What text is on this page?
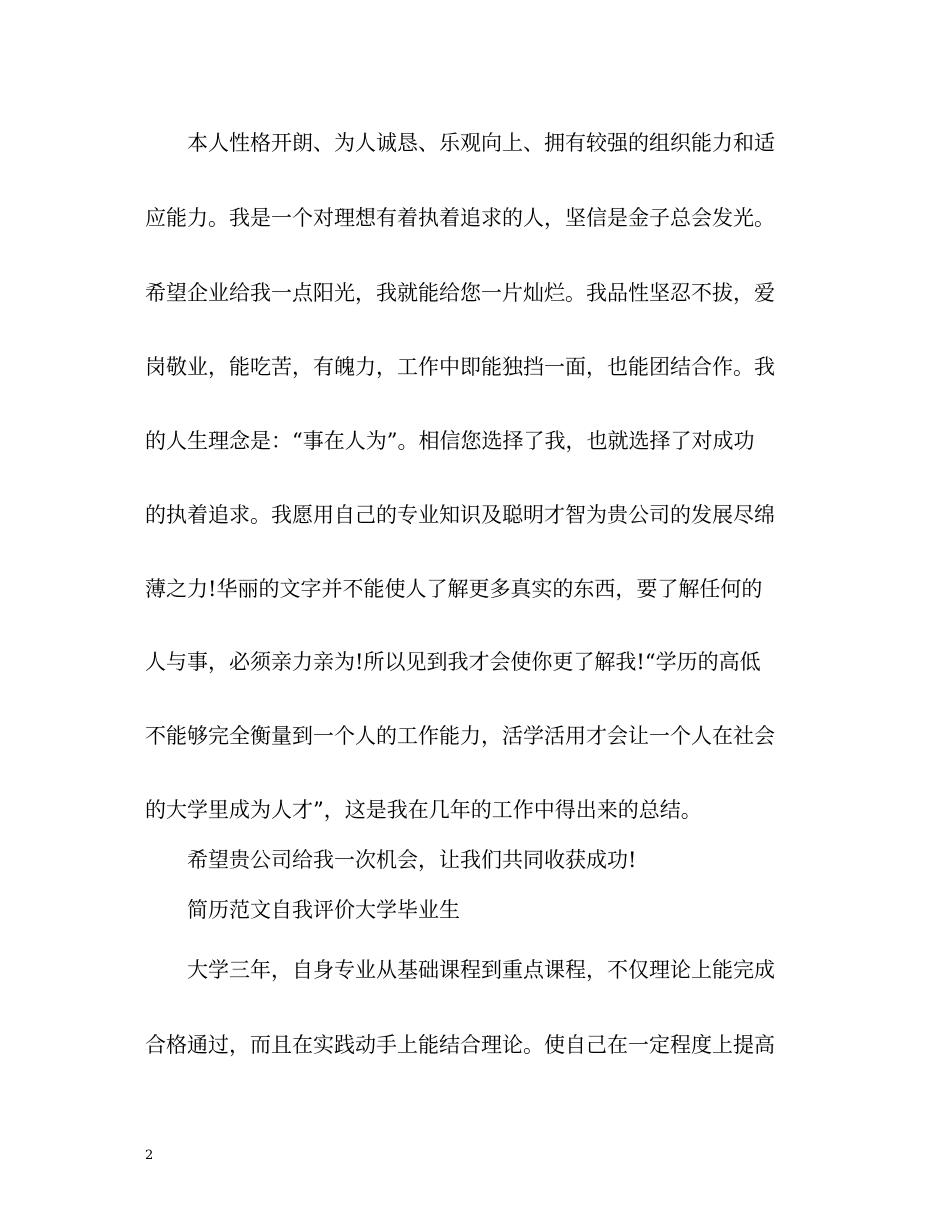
本人性格开朗、为人诚恳、乐观向上、拥有较强的组织能力和适
应能力。我是一个对理想有着执着追求的人，坚信是金子总会发光。
希望企业给我一点阳光，我就能给您一片灿烂。我品性坚忍不拔，爱
岗敬业，能吃苦，有魄力，工作中即能独挡一面，也能团结合作。我
的人生理念是：“事在人为”。相信您选择了我，也就选择了对成功
的执着追求。我愿用自己的专业知识及聪明才智为贵公司的发展尽绵
薄之力!华丽的文字并不能使人了解更多真实的东西，要了解任何的
人与事，必须亲力亲为!所以见到我才会使你更了解我!“学历的高低
不能够完全衡量到一个人的工作能力，活学活用才会让一个人在社会
的大学里成为人才”，这是我在几年的工作中得出来的总结。
希望贵公司给我一次机会，让我们共同收获成功!
简历范文自我评价大学毕业生
大学三年，自身专业从基础课程到重点课程，不仅理论上能完成
合格通过，而且在实践动手上能结合理论。使自己在一定程度上提高
2
